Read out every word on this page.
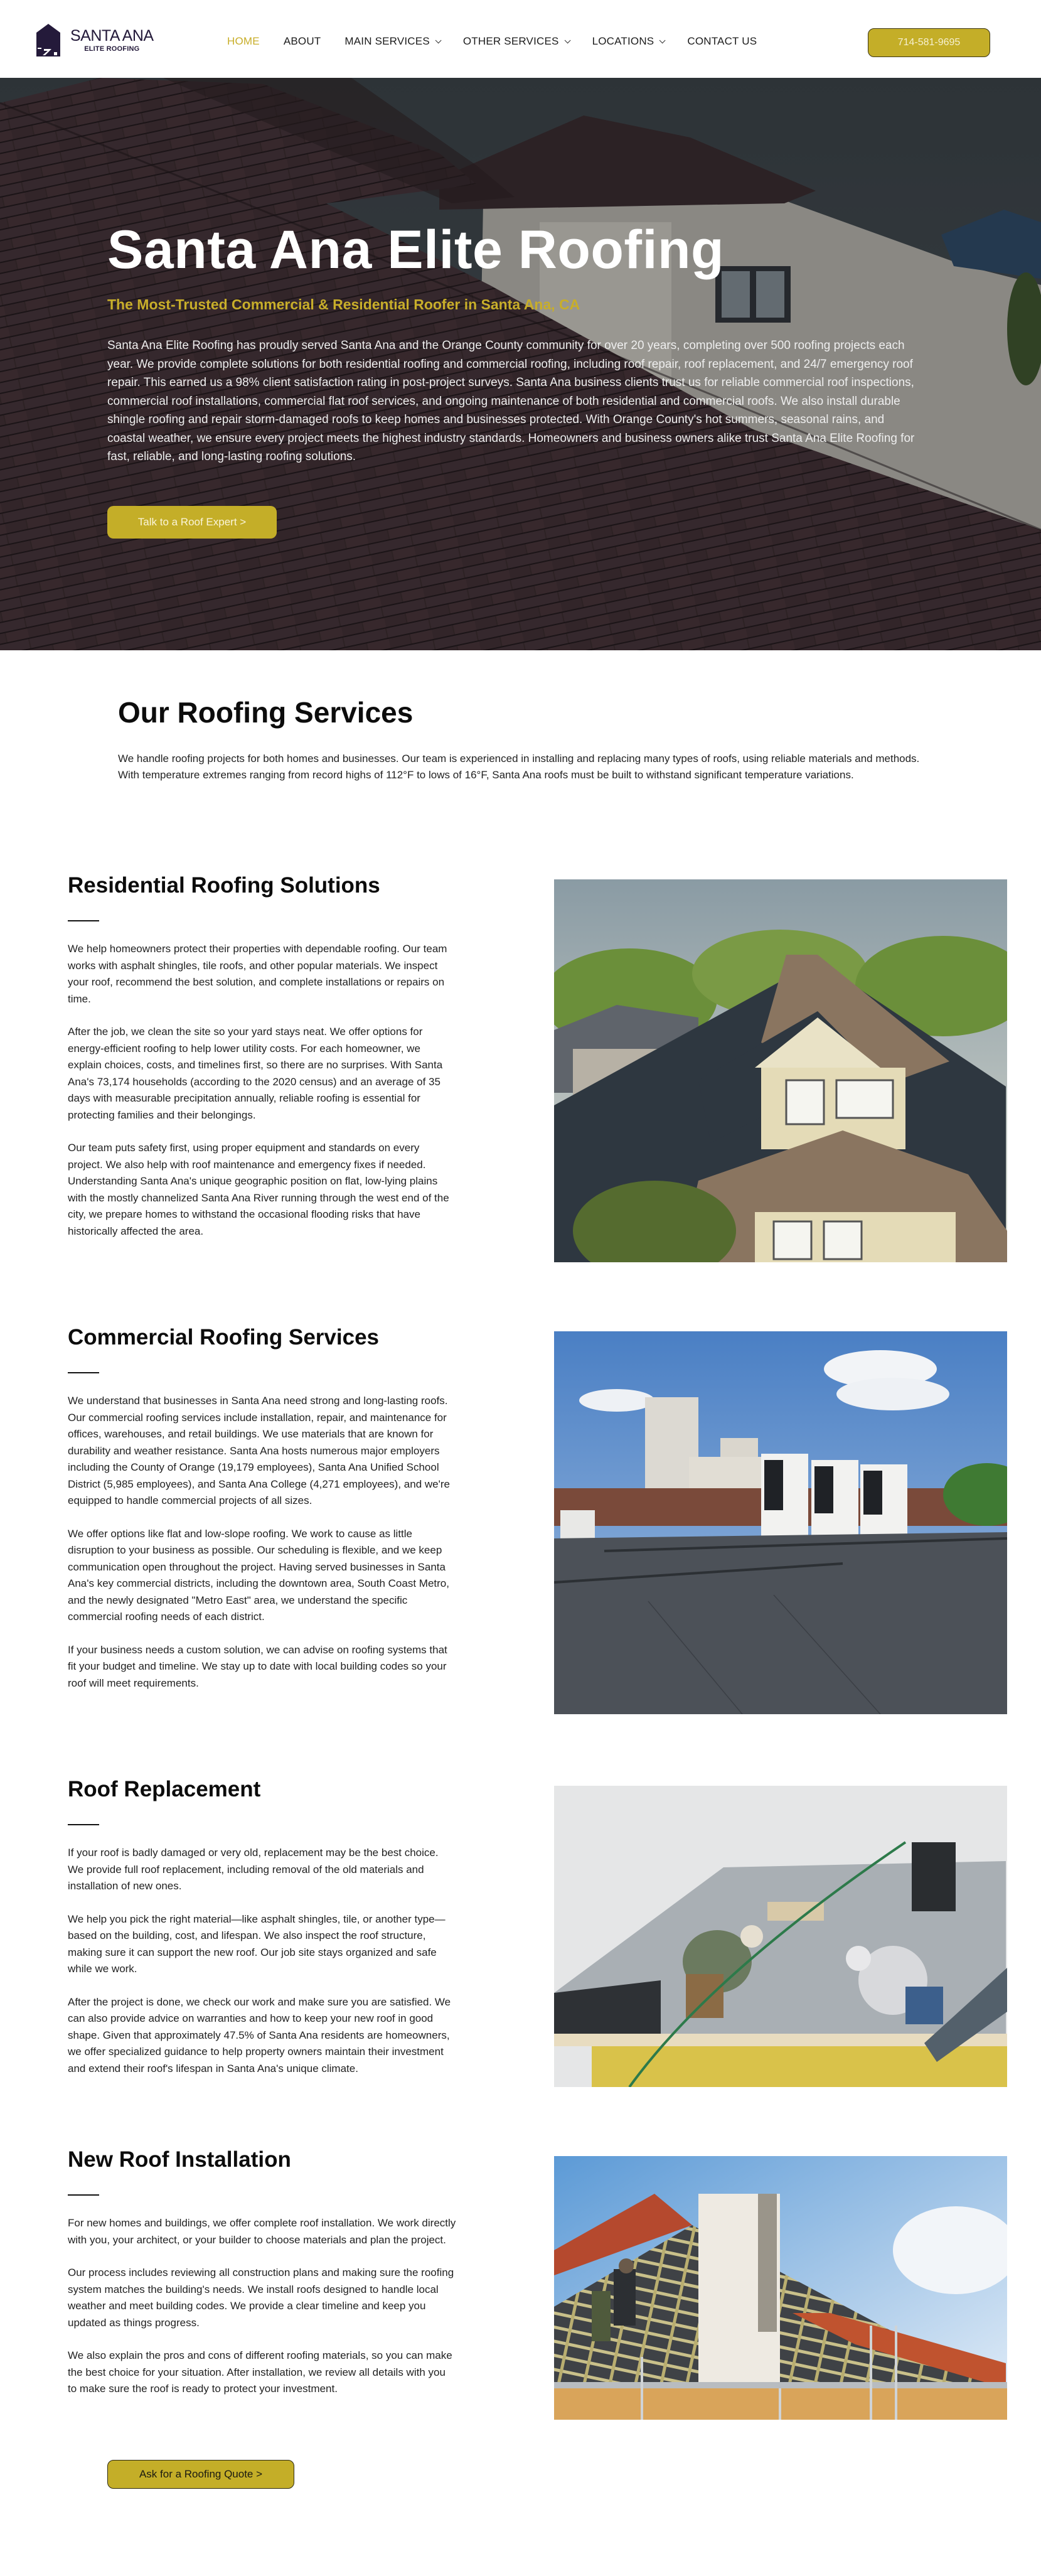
SANTA ANA
ELITE ROOFING
HOME ABOUT MAIN SERVICES	OTHER SERVICES	LOCATIONS	CONTACT US	714-581-9695
Santa Ana Elite Roofing
The Most-Trusted Commercial & Residential Roofer in Santa Ana, CA

Santa Ana Elite Roofing has proudly served Santa Ana and the Orange County community for over 20 years, completing over 500 roofing projects each year. We provide complete solutions for both residential roofing and commercial roofing, including roof repair, roof replacement, and 24/7 emergency roof repair. This earned us a 98% client satisfaction rating in post-project surveys. Santa Ana business clients trust us for reliable commercial roof inspections, commercial roof installations, commercial flat roof services, and ongoing maintenance of both residential and commercial roofs. We also install durable shingle roofing and repair storm-damaged roofs to keep homes and businesses protected. With Orange County's hot summers, seasonal rains, and coastal weather, we ensure every project meets the highest industry standards. Homeowners and business owners alike trust Santa Ana Elite Roofing for fast, reliable, and long-lasting roofing solutions.

Talk to a Roof Expert >
Our Roofing Services

We handle roofing projects for both homes and businesses. Our team is experienced in installing and replacing many types of roofs, using reliable materials and methods. With temperature extremes ranging from record highs of 112°F to lows of 16°F, Santa Ana roofs must be built to withstand significant temperature variations.

Residential Roofing Solutions

We help homeowners protect their properties with dependable roofing. Our team works with asphalt shingles, tile roofs, and other popular materials. We inspect your roof, recommend the best solution, and complete installations or repairs on time.

After the job, we clean the site so your yard stays neat. We offer options for energy-efficient roofing to help lower utility costs. For each homeowner, we explain choices, costs, and timelines first, so there are no surprises. With Santa Ana's 73,174 households (according to the 2020 census) and an average of 35 days with measurable precipitation annually, reliable roofing is essential for protecting families and their belongings.

Our team puts safety first, using proper equipment and standards on every project. We also help with roof maintenance and emergency fixes if needed. Understanding Santa Ana's unique geographic position on flat, low-lying plains with the mostly channelized Santa Ana River running through the west end of the city, we prepare homes to withstand the occasional flooding risks that have historically affected the area.

Commercial Roofing Services

We understand that businesses in Santa Ana need strong and long-lasting roofs. Our commercial roofing services include installation, repair, and maintenance for offices, warehouses, and retail buildings. We use materials that are known for durability and weather resistance. Santa Ana hosts numerous major employers including the County of Orange (19,179 employees), Santa Ana Unified School District (5,985 employees), and Santa Ana College (4,271 employees), and we're equipped to handle commercial projects of all sizes.

We offer options like flat and low-slope roofing. We work to cause as little disruption to your business as possible. Our scheduling is flexible, and we keep communication open throughout the project. Having served businesses in Santa Ana's key commercial districts, including the downtown area, South Coast Metro, and the newly designated "Metro East" area, we understand the specific commercial roofing needs of each district.

If your business needs a custom solution, we can advise on roofing systems that fit your budget and timeline. We stay up to date with local building codes so your roof will meet requirements.

Roof Replacement

If your roof is badly damaged or very old, replacement may be the best choice. We provide full roof replacement, including removal of the old materials and installation of new ones.

We help you pick the right material—like asphalt shingles, tile, or another type—based on the building, cost, and lifespan. We also inspect the roof structure, making sure it can support the new roof. Our job site stays organized and safe while we work.

After the project is done, we check our work and make sure you are satisfied. We can also provide advice on warranties and how to keep your new roof in good shape. Given that approximately 47.5% of Santa Ana residents are homeowners, we offer specialized guidance to help property owners maintain their investment and extend their roof's lifespan in Santa Ana's unique climate.

New Roof Installation

For new homes and buildings, we offer complete roof installation. We work directly with you, your architect, or your builder to choose materials and plan the project.

Our process includes reviewing all construction plans and making sure the roofing system matches the building's needs. We install roofs designed to handle local weather and meet building codes. We provide a clear timeline and keep you updated as things progress.

We also explain the pros and cons of different roofing materials, so you can make the best choice for your situation. After installation, we review all details with you to make sure the roof is ready to protect your investment.

Ask for a Roofing Quote >
